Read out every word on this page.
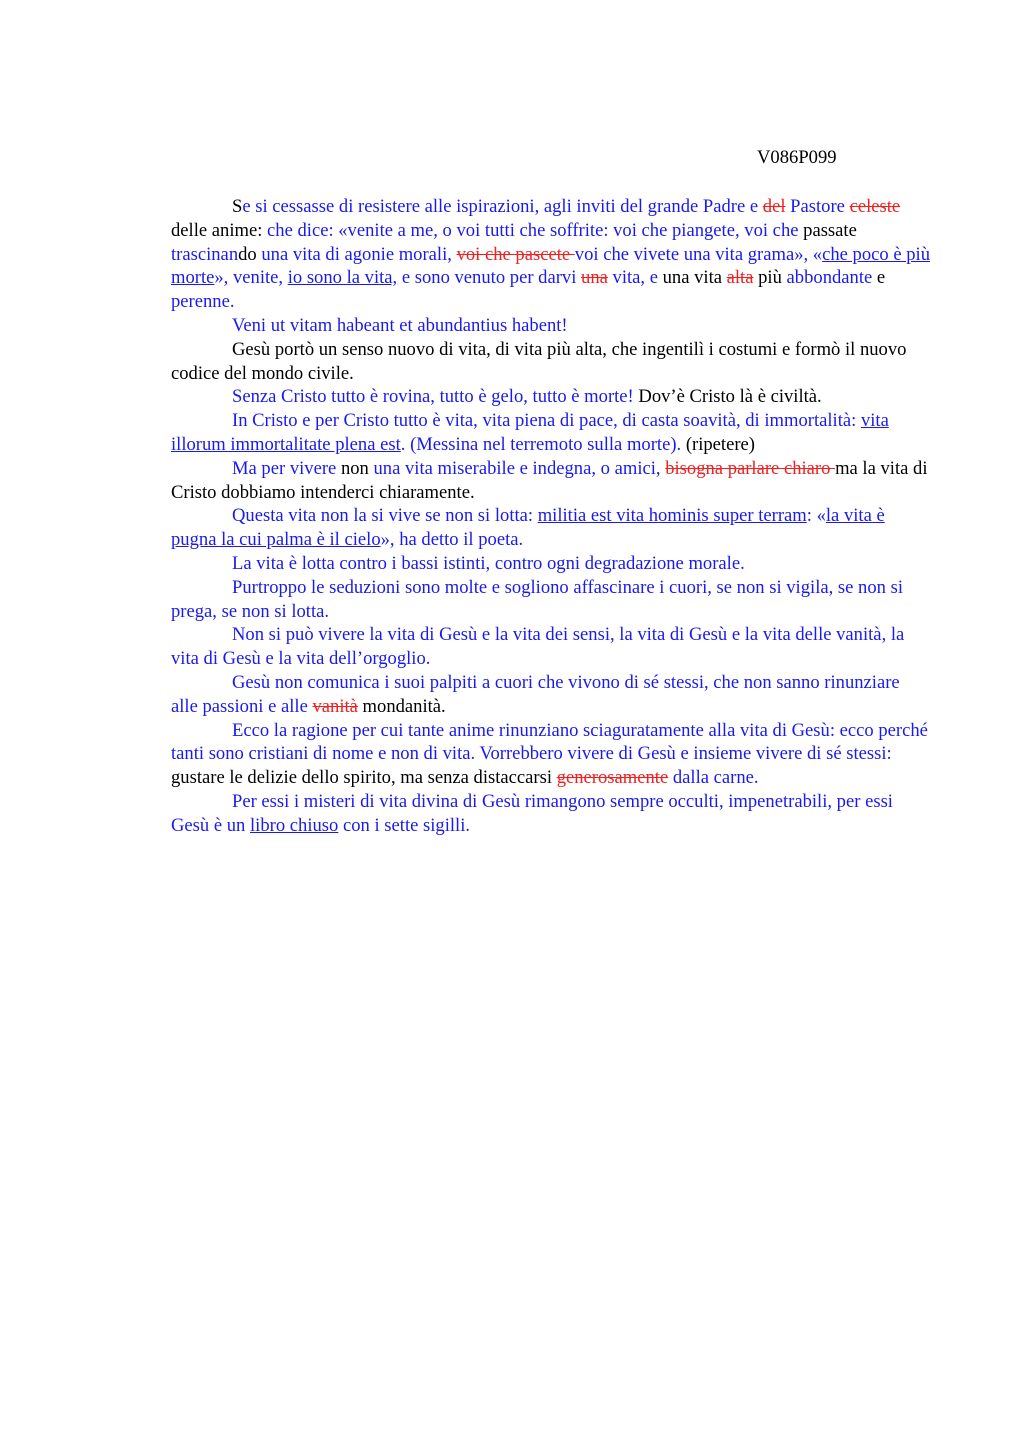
V086P099

Se si cessasse di resistere alle ispirazioni, agli inviti del grande Padre e del Pastore celeste delle anime: che dice: «venite a me, o voi tutti che soffrite: voi che piangete, voi che passate trascinando una vita di agonie morali, voi che pascete voi che vivete una vita grama», «che poco è più morte», venite, io sono la vita, e sono venuto per darvi una vita, e una vita alta più abbondante e perenne.

Veni ut vitam habeant et abundantius habent!

Gesù portò un senso nuovo di vita, di vita più alta, che ingentilì i costumi e formò il nuovo codice del mondo civile.

Senza Cristo tutto è rovina, tutto è gelo, tutto è morte! Dov’è Cristo là è civiltà.

In Cristo e per Cristo tutto è vita, vita piena di pace, di casta soavità, di immortalità: vita illorum immortalitate plena est. (Messina nel terremoto sulla morte). (ripetere)

Ma per vivere non una vita miserabile e indegna, o amici, bisogna parlare chiaro ma la vita di Cristo dobbiamo intenderci chiaramente.

Questa vita non la si vive se non si lotta: militia est vita hominis super terram: «la vita è pugna la cui palma è il cielo», ha detto il poeta.

La vita è lotta contro i bassi istinti, contro ogni degradazione morale.

Purtroppo le seduzioni sono molte e sogliono affascinare i cuori, se non si vigila, se non si prega, se non si lotta.

Non si può vivere la vita di Gesù e la vita dei sensi, la vita di Gesù e la vita delle vanità, la vita di Gesù e la vita dell’orgoglio.

Gesù non comunica i suoi palpiti a cuori che vivono di sé stessi, che non sanno rinunziare alle passioni e alle vanità mondanità.

Ecco la ragione per cui tante anime rinunziano sciaguratamente alla vita di Gesù: ecco perché tanti sono cristiani di nome e non di vita. Vorrebbero vivere di Gesù e insieme vivere di sé stessi: gustare le delizie dello spirito, ma senza distaccarsi generosamente dalla carne.

Per essi i misteri di vita divina di Gesù rimangono sempre occulti, impenetrabili, per essi Gesù è un libro chiuso con i sette sigilli.
